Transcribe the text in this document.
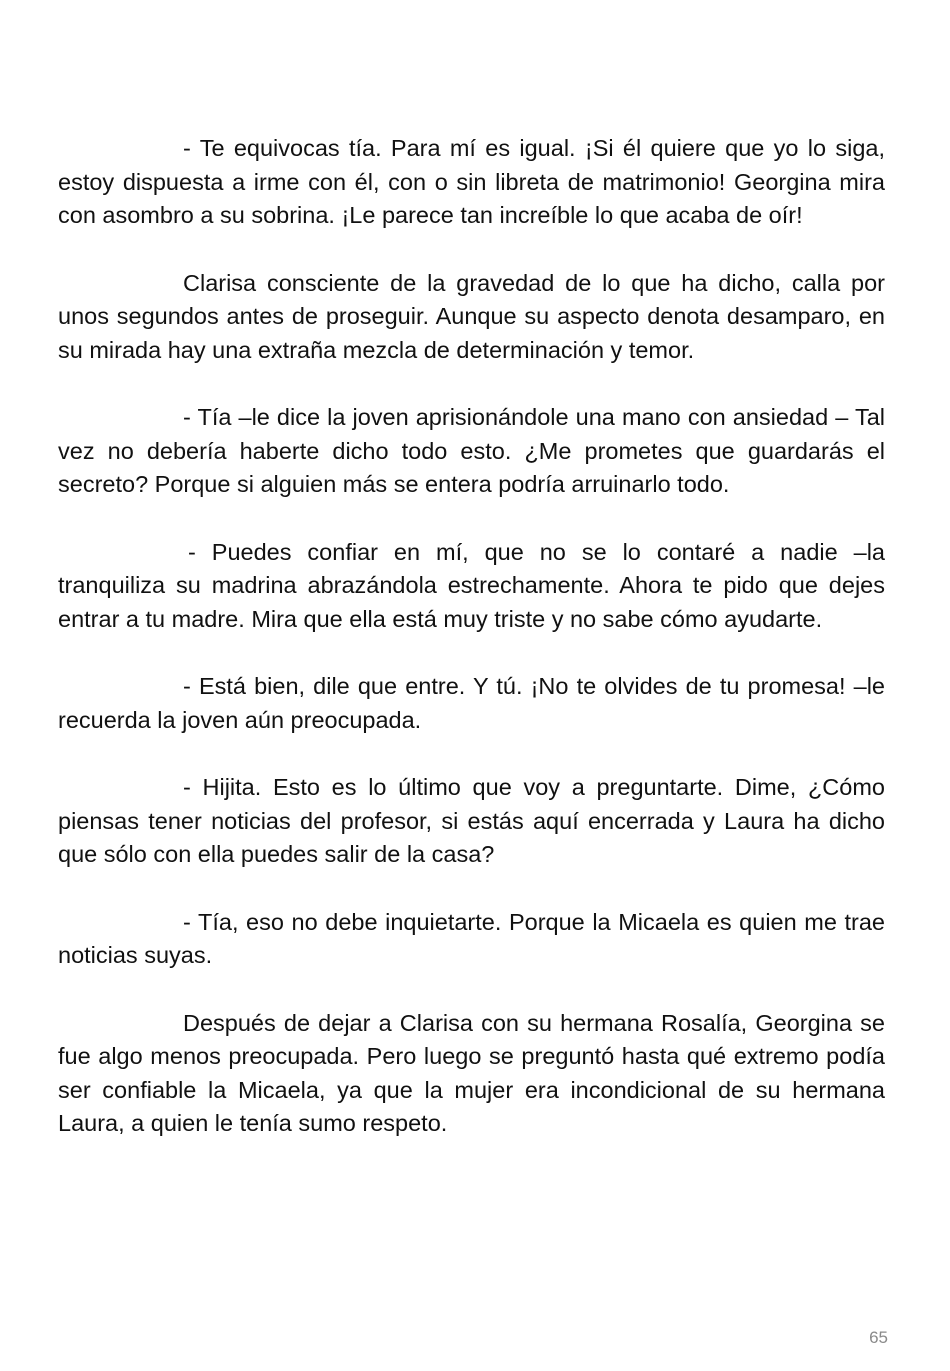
- Te equivocas tía. Para mí es igual. ¡Si él quiere que yo lo siga, estoy dispuesta a irme con él, con o sin libreta de matrimonio! Georgina mira con asombro a su sobrina. ¡Le parece tan increíble lo que acaba de oír!

Clarisa consciente de la gravedad de lo que ha dicho, calla por unos segundos antes de proseguir. Aunque su aspecto denota desamparo, en su mirada hay una extraña mezcla de determinación y temor.

- Tía –le dice la joven aprisionándole una mano con ansiedad – Tal vez no debería haberte dicho todo esto. ¿Me prometes que guardarás el secreto? Porque si alguien más se entera podría arruinarlo todo.

- Puedes confiar en mí, que no se lo contaré a nadie –la tranquiliza su madrina abrazándola estrechamente. Ahora te pido que dejes entrar a tu madre. Mira que ella está muy triste y no sabe cómo ayudarte.

- Está bien, dile que entre. Y tú. ¡No te olvides de tu promesa! –le recuerda la joven aún preocupada.

- Hijita. Esto es lo último que voy a preguntarte. Dime, ¿Cómo piensas tener noticias del profesor, si estás aquí encerrada y Laura ha dicho que sólo con ella puedes salir de la casa?

- Tía, eso no debe inquietarte. Porque la Micaela es quien me trae noticias suyas.

Después de dejar a Clarisa con su hermana Rosalía, Georgina se fue algo menos preocupada. Pero luego se preguntó hasta qué extremo podía ser confiable la Micaela, ya que la mujer era incondicional de su hermana Laura, a quien le tenía sumo respeto.

65
